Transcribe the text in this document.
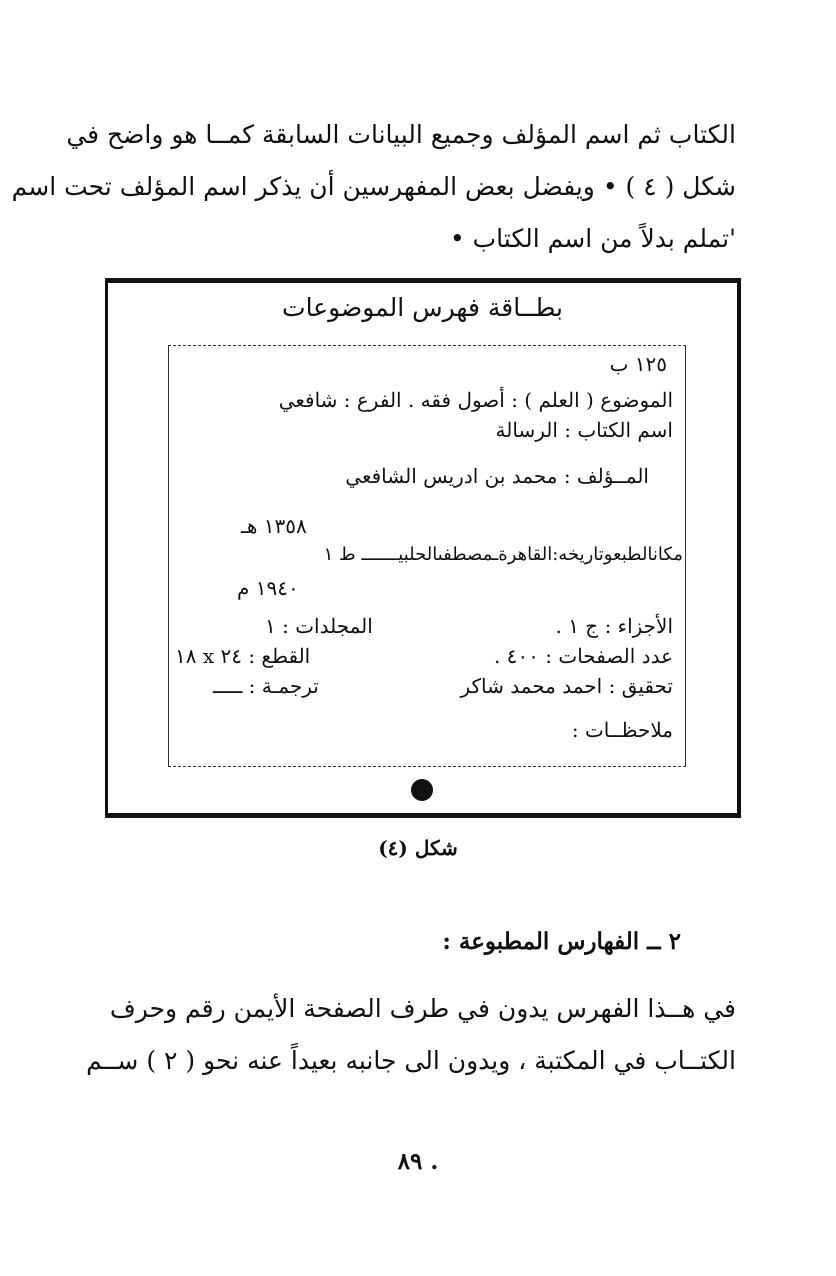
الكتاب ثم اسم المؤلف وجميع البيانات السابقة كمــا هو واضح في
شكل ( ٤ ) • ويفضل بعض المفهرسين أن يذكر اسم المؤلف تحت اسم
'تملم بدلاً من اسم الكتاب •
بطــاقة فهرس الموضوعات
١٢٥ ب
الموضوع ( العلم ) : أصول فقه . الفرع : شافعي
اسم الكتاب : الرسالة
المــؤلف : محمد بن ادريس الشافعي
١٣٥٨ هـ
مكانالطبعوتاريخه:القاهرةـمصطفىالحلبيـــــــ ط ١
١٩٤٠ م
الأجزاء : ج ١ .
المجلدات : ١
عدد الصفحات : ٤٠٠ .
القطع : ٢٤ x ١٨
تحقيق : احمد محمد شاكر
ترجمـة : ـــــ
ملاحظــات :
شكل (٤)
٢ ــ الفهارس المطبوعة :
في هــذا الفهرس يدون في طرف الصفحة الأيمن رقم وحرف
الكتــاب في المكتبة ، ويدون الى جانبه بعيداً عنه نحو ( ٢ ) ســم
. ٨٩
